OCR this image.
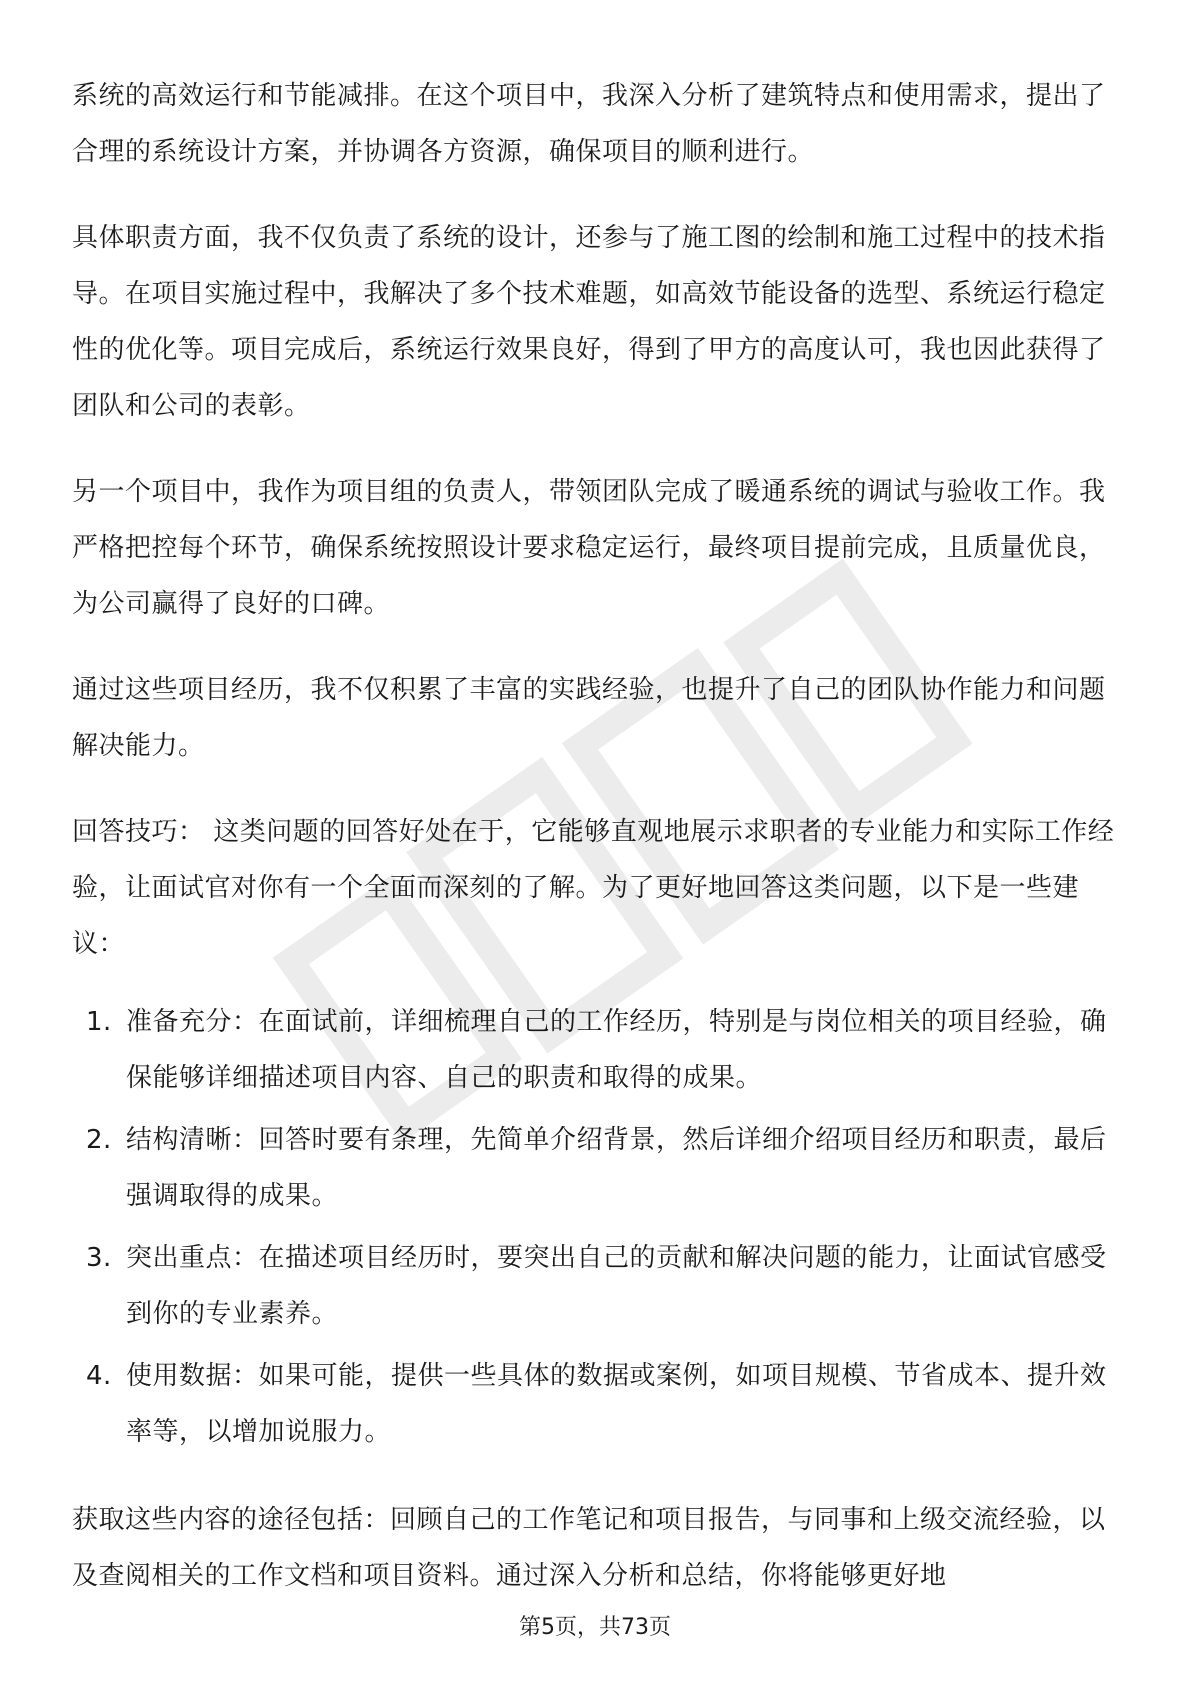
系统的高效运行和节能减排。在这个项目中，我深入分析了建筑特点和使用需求，提出了合理的系统设计方案，并协调各方资源，确保项目的顺利进行。

具体职责方面，我不仅负责了系统的设计，还参与了施工图的绘制和施工过程中的技术指导。在项目实施过程中，我解决了多个技术难题，如高效节能设备的选型、系统运行稳定性的优化等。项目完成后，系统运行效果良好，得到了甲方的高度认可，我也因此获得了团队和公司的表彰。

另一个项目中，我作为项目组的负责人，带领团队完成了暖通系统的调试与验收工作。我严格把控每个环节，确保系统按照设计要求稳定运行，最终项目提前完成，且质量优良，为公司赢得了良好的口碑。

通过这些项目经历，我不仅积累了丰富的实践经验，也提升了自己的团队协作能力和问题解决能力。

回答技巧： 这类问题的回答好处在于，它能够直观地展示求职者的专业能力和实际工作经验，让面试官对你有一个全面而深刻的了解。为了更好地回答这类问题，以下是一些建议：

1. 准备充分：在面试前，详细梳理自己的工作经历，特别是与岗位相关的项目经验，确保能够详细描述项目内容、自己的职责和取得的成果。
2. 结构清晰：回答时要有条理，先简单介绍背景，然后详细介绍项目经历和职责，最后强调取得的成果。
3. 突出重点：在描述项目经历时，要突出自己的贡献和解决问题的能力，让面试官感受到你的专业素养。
4. 使用数据：如果可能，提供一些具体的数据或案例，如项目规模、节省成本、提升效率等，以增加说服力。

获取这些内容的途径包括：回顾自己的工作笔记和项目报告，与同事和上级交流经验，以及查阅相关的工作文档和项目资料。通过深入分析和总结，你将能够更好地

第5页，共73页
